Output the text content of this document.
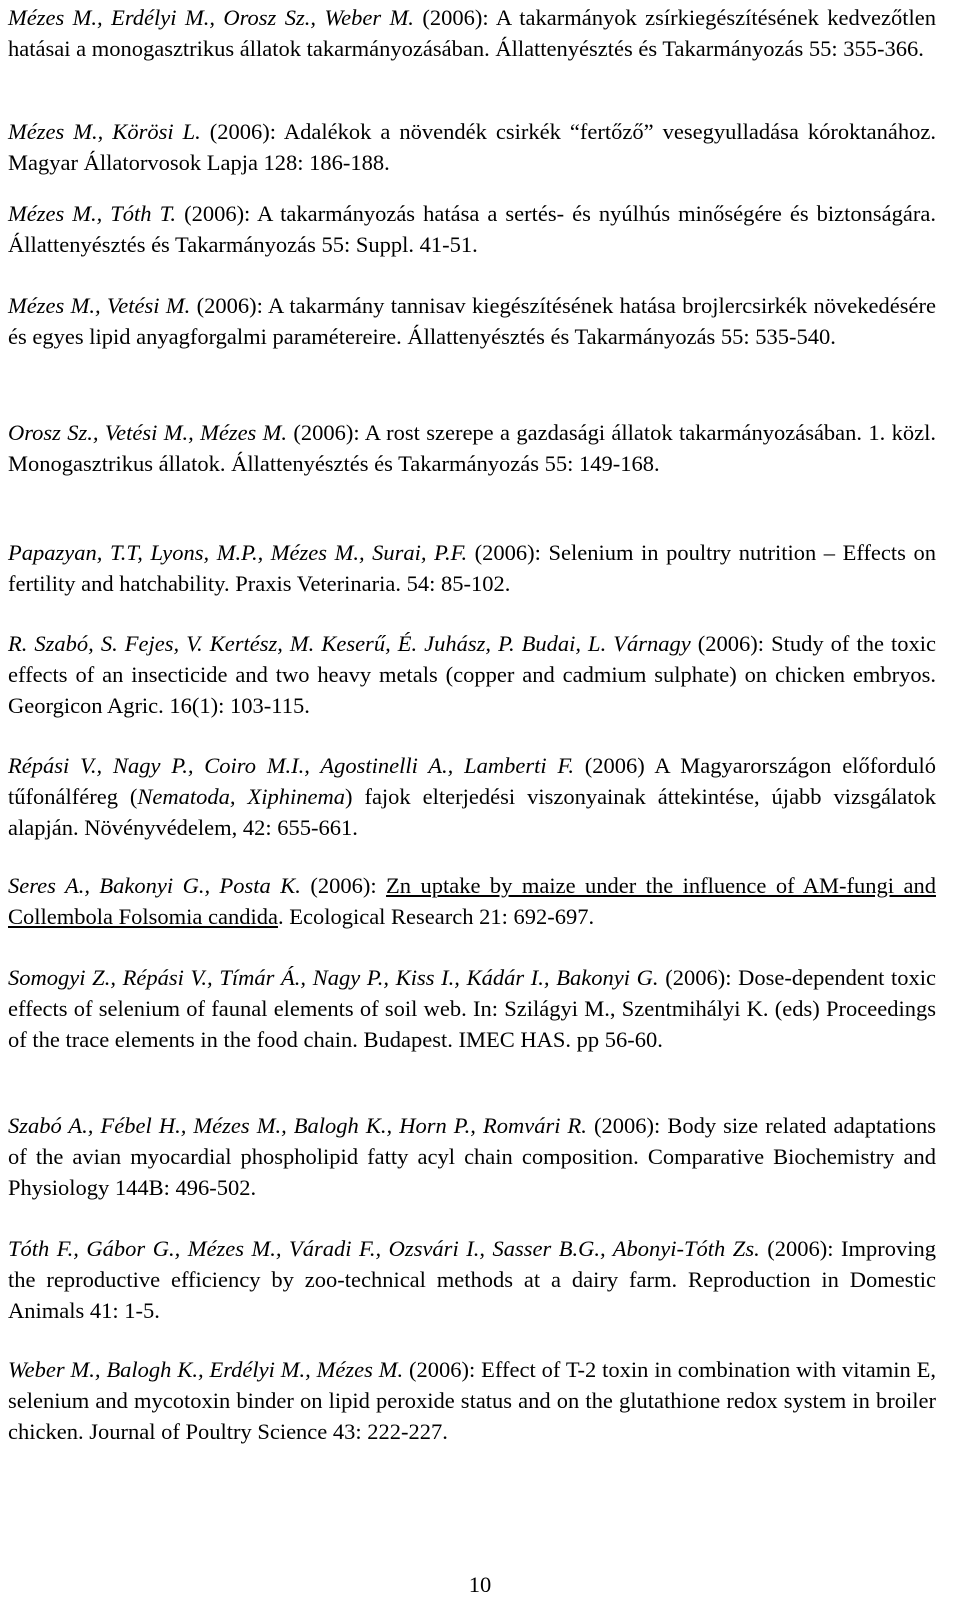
Mézes M., Erdélyi M., Orosz Sz., Weber M. (2006): A takarmányok zsírkiegészítésének kedvezőtlen hatásai a monogasztrikus állatok takarmányozásában. Állattenyésztés és Takarmányozás 55: 355-366.

Mézes M., Körösi L. (2006): Adalékok a növendék csirkék “fertőző” vesegyulladása kóroktanához. Magyar Állatorvosok Lapja 128: 186-188.

Mézes M., Tóth T. (2006): A takarmányozás hatása a sertés- és nyúlhús minőségére és biztonságára. Állattenyésztés és Takarmányozás 55: Suppl. 41-51.

Mézes M., Vetési M. (2006): A takarmány tannisav kiegészítésének hatása brojlercsirkék növekedésére és egyes lipid anyagforgalmi paramétereire. Állattenyésztés és Takarmányozás 55: 535-540.

Orosz Sz., Vetési M., Mézes M. (2006): A rost szerepe a gazdasági állatok takarmányozásában. 1. közl. Monogasztrikus állatok. Állattenyésztés és Takarmányozás 55: 149-168.

Papazyan, T.T, Lyons, M.P., Mézes M., Surai, P.F. (2006): Selenium in poultry nutrition – Effects on fertility and hatchability. Praxis Veterinaria. 54: 85-102.

R. Szabó, S. Fejes, V. Kertész, M. Keserű, É. Juhász, P. Budai, L. Várnagy (2006): Study of the toxic effects of an insecticide and two heavy metals (copper and cadmium sulphate) on chicken embryos. Georgicon Agric. 16(1): 103-115.

Répási V., Nagy P., Coiro M.I., Agostinelli A., Lamberti F. (2006) A Magyarországon előforduló tűfonálféreg (Nematoda, Xiphinema) fajok elterjedési viszonyainak áttekintése, újabb vizsgálatok alapján. Növényvédelem, 42: 655-661.

Seres A., Bakonyi G., Posta K. (2006): Zn uptake by maize under the influence of AM-fungi and Collembola Folsomia candida. Ecological Research 21: 692-697.

Somogyi Z., Répási V., Tímár Á., Nagy P., Kiss I., Kádár I., Bakonyi G. (2006): Dose-dependent toxic effects of selenium of faunal elements of soil web. In: Szilágyi M., Szentmihályi K. (eds) Proceedings of the trace elements in the food chain. Budapest. IMEC HAS. pp 56-60.

Szabó A., Fébel H., Mézes M., Balogh K., Horn P., Romvári R. (2006): Body size related adaptations of the avian myocardial phospholipid fatty acyl chain composition. Comparative Biochemistry and Physiology 144B: 496-502.

Tóth F., Gábor G., Mézes M., Váradi F., Ozsvári I., Sasser B.G., Abonyi-Tóth Zs. (2006): Improving the reproductive efficiency by zoo-technical methods at a dairy farm. Reproduction in Domestic Animals 41: 1-5.

Weber M., Balogh K., Erdélyi M., Mézes M. (2006): Effect of T-2 toxin in combination with vitamin E, selenium and mycotoxin binder on lipid peroxide status and on the glutathione redox system in broiler chicken. Journal of Poultry Science 43: 222-227.

10
